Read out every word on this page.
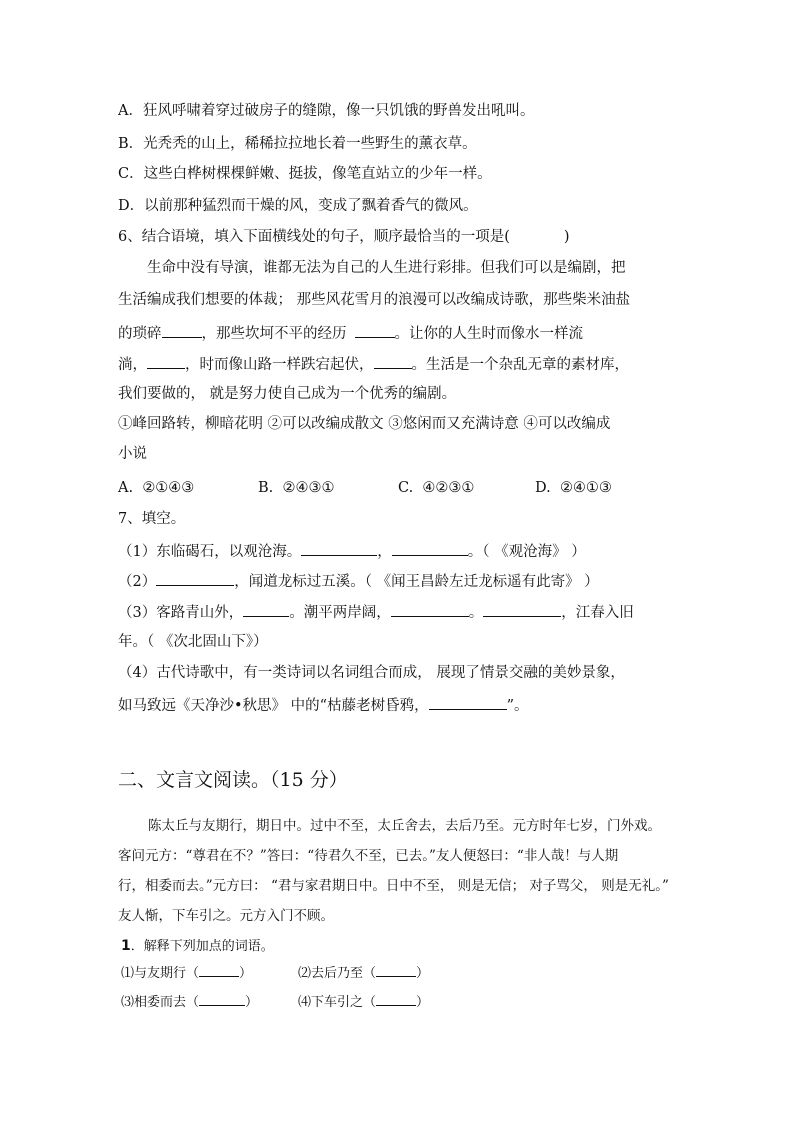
A．狂风呼啸着穿过破房子的缝隙，像一只饥饿的野兽发出吼叫。
B．光秃秃的山上，稀稀拉拉地长着一些野生的薰衣草。
C．这些白桦树棵棵鲜嫩、挺拔，像笔直站立的少年一样。
D．以前那种猛烈而干燥的风，变成了飘着香气的微风。
6、结合语境，填入下面横线处的句子，顺序最恰当的一项是(	)
生命中没有导演，谁都无法为自己的人生进行彩排。但我们可以是编剧，把
生活编成我们想要的体裁； 那些风花雪月的浪漫可以改编成诗歌，那些柴米油盐
的琐碎	，那些坎坷不平的经历	。让你的人生时而像水一样流
淌，	，时而像山路一样跌宕起伏，	。生活是一个杂乱无章的素材库，
我们要做的， 就是努力使自己成为一个优秀的编剧。
①峰回路转，柳暗花明 ②可以改编成散文 ③悠闲而又充满诗意 ④可以改编成
小说
A. ②①④③	B. ②④③①	C. ④②③①	D. ②④①③
7、填空。
（1）东临碣石，以观沧海。	，	。（ 《观沧海》 ）
（2）	，闻道龙标过五溪。（ 《闻王昌龄左迁龙标遥有此寄》 ）
（3）客路青山外，	。潮平两岸阔，	。	，江春入旧
年。（ 《次北固山下》）
（4）古代诗歌中，有一类诗词以名词组合而成， 展现了情景交融的美妙景象，
如马致远《天净沙•秋思》 中的“枯藤老树昏鸦，	”。
二、文言文阅读。（15 分）
陈太丘与友期行，期日中。过中不至，太丘舍去，去后乃至。元方时年七岁，门外戏。
客问元方：“尊君在不？”答曰：“待君久不至，已去。”友人便怒曰：“非人哉！与人期
行，相委而去。”元方曰： “君与家君期日中。日中不至， 则是无信； 对子骂父， 则是无礼。”
友人惭，下车引之。元方入门不顾。
1．解释下列加点的词语。
⑴与友期行（	）	⑵去后乃至（	）
⑶相委而去（	）	⑷下车引之（	）
